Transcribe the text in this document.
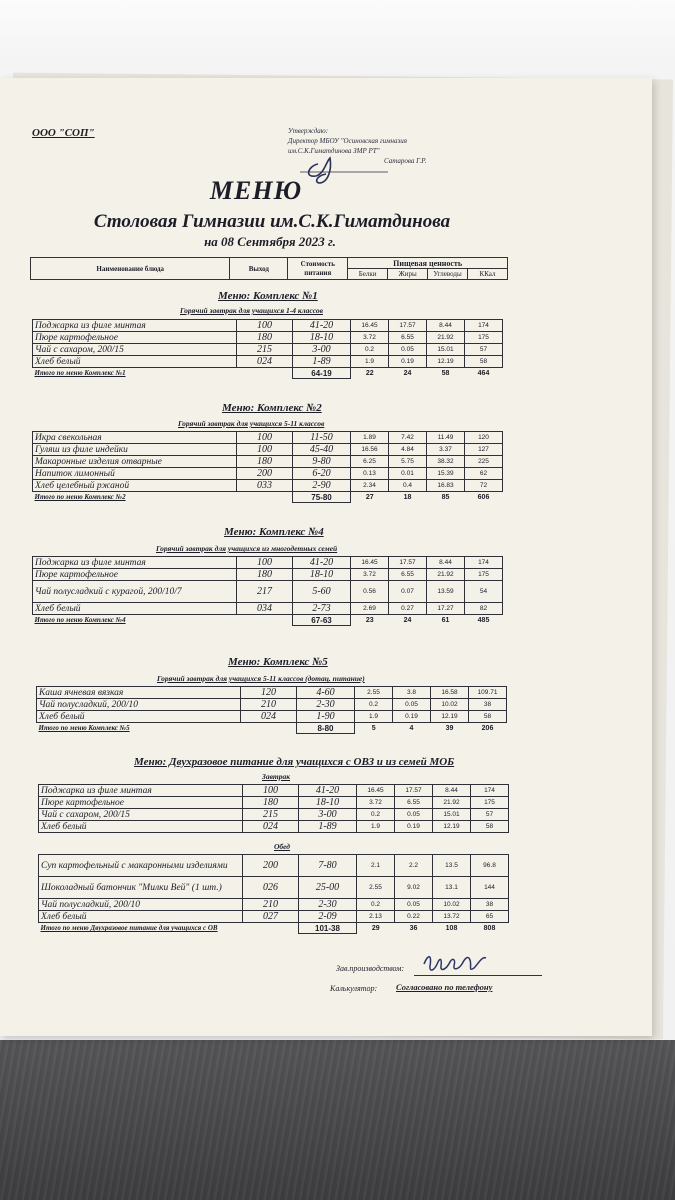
ООО "СОП"	Утверждаю:
Директор МБОУ "Осиновская гимназия
им.С.К.Гиматдинова ЗМР РТ"
Сатарова Г.Р.
МЕНЮ
Столовая Гимназии им.С.К.Гиматдинова
на 08 Сентября 2023 г.
Наименование блюда	Выход	Стоимость питания	Пищевая ценность			
			Белки	Жиры	Углеводы	ККал
Меню: Комплекс №1
Горячий завтрак для учащихся 1-4 классов
Поджарка из филе минтая	100	41-20	16.45	17.57	8.44	174
Пюре картофельное	180	18-10	3.72	6.55	21.92	175
Чай с сахаром, 200/15	215	3-00	0.2	0.05	15.01	57
Хлеб белый	024	1-89	1.9	0.19	12.19	58
Итого по меню Комплекс №1		64-19	22	24	58	464
Меню: Комплекс №2
Горячий завтрак для учащихся 5-11 классов
Икра свекольная	100	11-50	1.89	7.42	11.49	120
Гуляш из филе индейки	100	45-40	16.56	4.84	3.37	127
Макаронные изделия отварные	180	9-80	6.25	5.75	38.32	225
Напиток лимонный	200	6-20	0.13	0.01	15.39	62
Хлеб целебный ржаной	033	2-90	2.34	0.4	16.83	72
Итого по меню Комплекс №2		75-80	27	18	85	606
Меню: Комплекс №4
Горячий завтрак для учащихся из многодетных семей
Поджарка из филе минтая	100	41-20	16.45	17.57	8.44	174
Пюре картофельное	180	18-10	3.72	6.55	21.92	175
Чай полусладкий с курагой, 200/10/7	217	5-60	0.56	0.07	13.59	54
Хлеб белый	034	2-73	2.69	0.27	17.27	82
Итого по меню Комплекс №4		67-63	23	24	61	485
Меню: Комплекс №5
Горячий завтрак для учащихся 5-11 классов (дотац. питание)
Каша ячневая вязкая	120	4-60	2.55	3.8	16.58	109.71
Чай полусладкий, 200/10	210	2-30	0.2	0.05	10.02	38
Хлеб белый	024	1-90	1.9	0.19	12.19	58
Итого по меню Комплекс №5		8-80	5	4	39	206
Меню: Двухразовое питание для учащихся с ОВЗ и из семей МОБ
Завтрак
Поджарка из филе минтая	100	41-20	16.45	17.57	8.44	174
Пюре картофельное	180	18-10	3.72	6.55	21.92	175
Чай с сахаром, 200/15	215	3-00	0.2	0.05	15.01	57
Хлеб белый	024	1-89	1.9	0.19	12.19	58
Обед
Суп картофельный с макаронными изделиями	200	7-80	2.1	2.2	13.5	96.8
Шоколадный батончик "Милки Вей" (1 шт.)	026	25-00	2.55	9.02	13.1	144
Чай полусладкий, 200/10	210	2-30	0.2	0.05	10.02	38
Хлеб белый	027	2-09	2.13	0.22	13.72	65
Итого по меню Двухразовое питание для учащихся с ОВ		101-38	29	36	108	808
Зав.производством:
Калькулятор: Согласовано по телефону
